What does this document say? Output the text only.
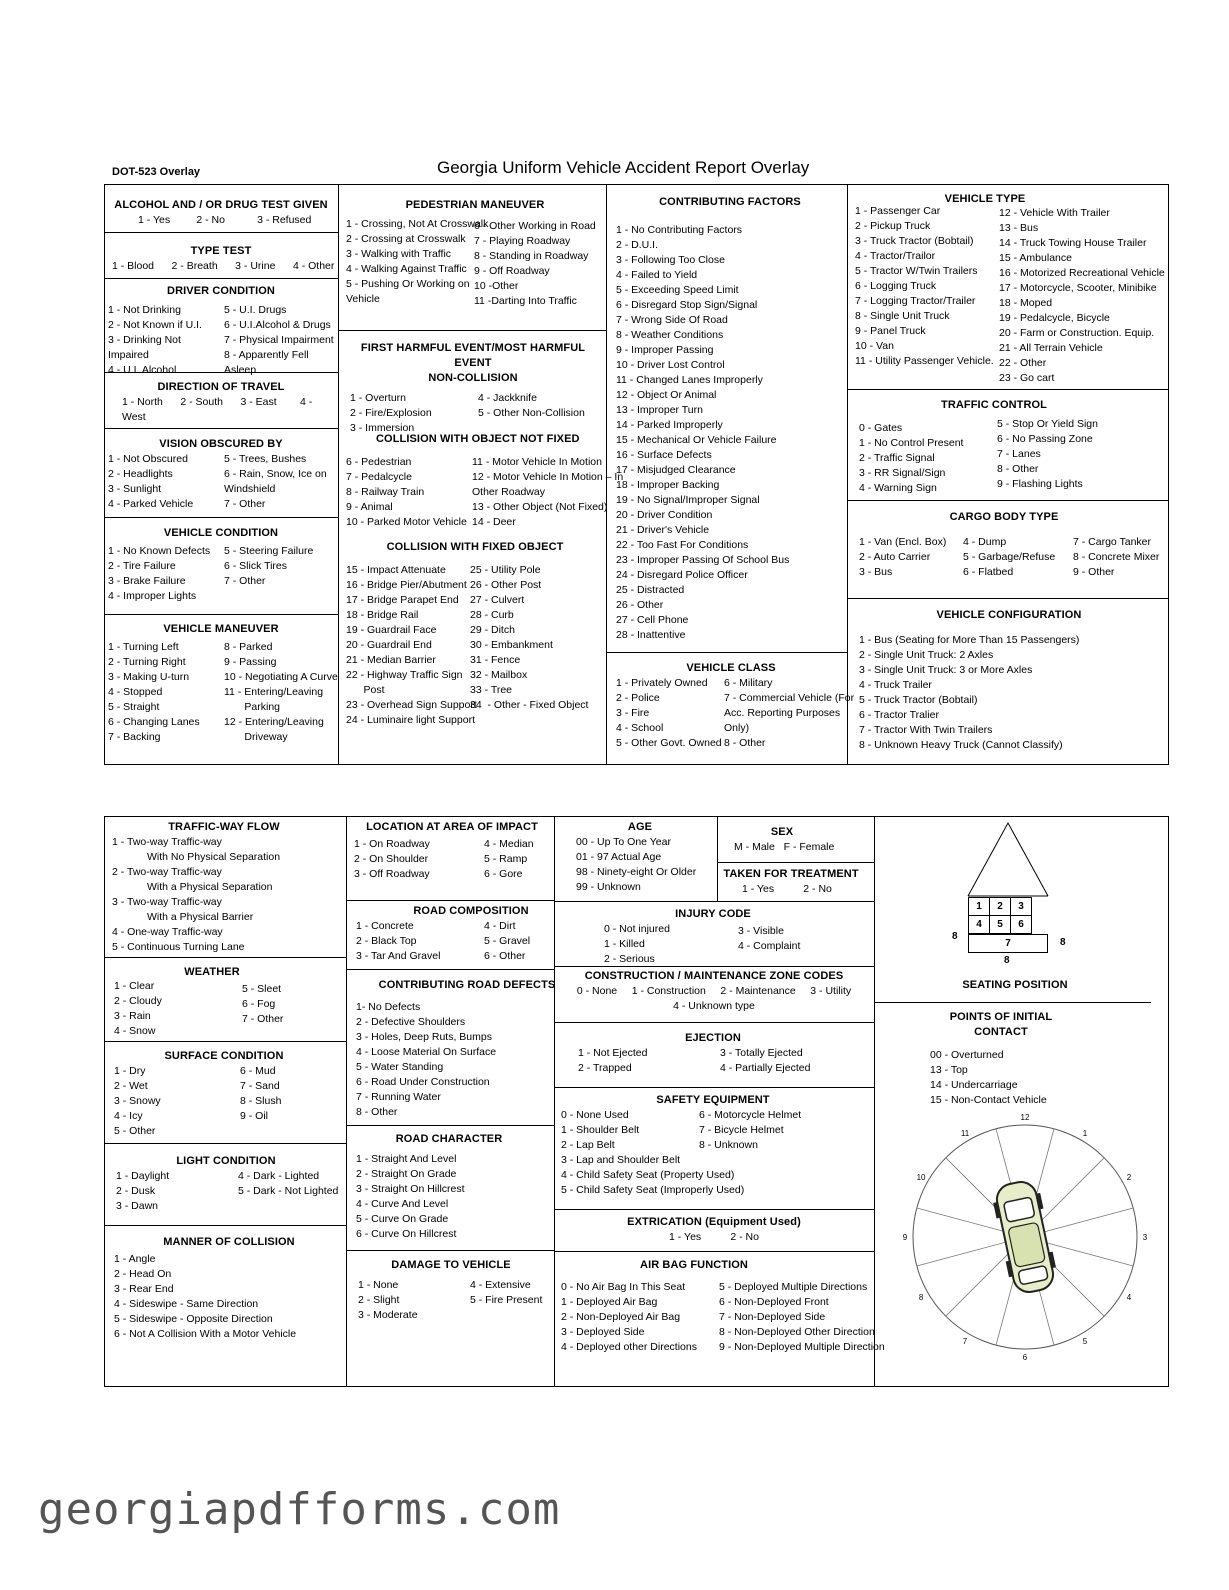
DOT-523 Overlay	Georgia Uniform Vehicle Accident Report Overlay
ALCOHOL AND / OR DRUG TEST GIVEN
1 - Yes	2 - No	3 - Refused
TYPE TEST
1 - Blood 2 - Breath 3 - Urine 4 - Other
DRIVER CONDITION
1 - Not Drinking
2 - Not Known if U.I.
3 - Drinking Not Impaired
4 - U.I. Alcohol
5 - U.I. Drugs
6 - U.I.Alcohol & Drugs
7 - Physical Impairment
8 - Apparently Fell Asleep
DIRECTION OF TRAVEL
1 - North      2 - South      3 - East        4 -
West
VISION OBSCURED BY
1 - Not Obscured
2 - Headlights
3 - Sunlight
4 - Parked Vehicle
5 - Trees, Bushes
6 - Rain, Snow, Ice on
Windshield
7 - Other
VEHICLE CONDITION
1 - No Known Defects
2 - Tire Failure
3 - Brake Failure
4 - Improper Lights
5 - Steering Failure
6 - Slick Tires
7 - Other
VEHICLE MANEUVER
1 - Turning Left
2 - Turning Right
3 - Making U-turn
4 - Stopped
5 - Straight
6 - Changing Lanes
7 - Backing
8 - Parked
9 - Passing
10 - Negotiating A Curve
11 - Entering/Leaving
Parking
12 - Entering/Leaving
Driveway
PEDESTRIAN MANEUVER
1 - Crossing, Not At Crosswalk
2 - Crossing at Crosswalk
3 - Walking with Traffic
4 - Walking Against Traffic
5 - Pushing Or Working on
Vehicle
6 - Other Working in Road
7 - Playing Roadway
8 - Standing in Roadway
9 - Off Roadway
10 -Other
11 -Darting Into Traffic
FIRST HARMFUL EVENT/MOST HARMFUL EVENT
NON-COLLISION
1 - Overturn
2 - Fire/Explosion
3 - Immersion
4 - Jackknife
5 - Other Non-Collision
COLLISION WITH OBJECT NOT FIXED
6 - Pedestrian
7 - Pedalcycle
8 - Railway Train
9 - Animal
10 - Parked Motor Vehicle
11 - Motor Vehicle In Motion
12 - Motor Vehicle In Motion – In
Other Roadway
13 - Other Object (Not Fixed)
14 - Deer
COLLISION WITH FIXED OBJECT
15 - Impact Attenuate
16 - Bridge Pier/Abutment
17 - Bridge Parapet End
18 - Bridge Rail
19 - Guardrail Face
20 - Guardrail End
21 - Median Barrier
22 - Highway Traffic Sign
Post
23 - Overhead Sign Support
24 - Luminaire light Support
25 - Utility Pole
26 - Other Post
27 - Culvert
28 - Curb
29 - Ditch
30 - Embankment
31 - Fence
32 - Mailbox
33 - Tree
34  - Other - Fixed Object
CONTRIBUTING FACTORS
1 - No Contributing Factors
2 - D.U.I.
3 - Following Too Close
4 - Failed to Yield
5 - Exceeding Speed Limit
6 - Disregard Stop Sign/Signal
7 - Wrong Side Of Road
8 - Weather Conditions
9 - Improper Passing
10 - Driver Lost Control
11 - Changed Lanes Improperly
12 - Object Or Animal
13 - Improper Turn
14 - Parked Improperly
15 - Mechanical Or Vehicle Failure
16 - Surface Defects
17 - Misjudged Clearance
18 - Improper Backing
19 - No Signal/Improper Signal
20 - Driver Condition
21 - Driver's Vehicle
22 - Too Fast For Conditions
23 - Improper Passing Of School Bus
24 - Disregard Police Officer
25 - Distracted
26 - Other
27 - Cell Phone
28 - Inattentive
VEHICLE CLASS
1 - Privately Owned
2 - Police
3 - Fire
4 - School
5 - Other Govt. Owned
6 - Military
7 - Commercial Vehicle (For
Acc. Reporting Purposes
Only)
8 - Other
VEHICLE TYPE
1 - Passenger Car
2 - Pickup Truck
3 - Truck Tractor (Bobtail)
4 - Tractor/Trailor
5 - Tractor W/Twin Trailers
6 - Logging Truck
7 - Logging Tractor/Trailer
8 - Single Unit Truck
9 - Panel Truck
10 - Van
11 - Utility Passenger Vehicle.
12 - Vehicle With Trailer
13 - Bus
14 - Truck Towing House Trailer
15 - Ambulance
16 - Motorized Recreational Vehicle
17 - Motorcycle, Scooter, Minibike
18 - Moped
19 - Pedalcycle, Bicycle
20 - Farm or Construction. Equip.
21 - All Terrain Vehicle
22 - Other
23 - Go cart
TRAFFIC CONTROL
0 - Gates
1 - No Control Present
2 - Traffic Signal
3 - RR Signal/Sign
4 - Warning Sign
5 - Stop Or Yield Sign
6 - No Passing Zone
7 - Lanes
8 - Other
9 - Flashing Lights
CARGO BODY TYPE
1 - Van (Encl. Box)
2 - Auto Carrier
3 - Bus
4 - Dump
5 - Garbage/Refuse
6 - Flatbed
7 - Cargo Tanker
8 - Concrete Mixer
9 - Other
VEHICLE CONFIGURATION
1 - Bus (Seating for More Than 15 Passengers)
2 - Single Unit Truck: 2 Axles
3 - Single Unit Truck: 3 or More Axles
4 - Truck Trailer
5 - Truck Tractor (Bobtail)
6 - Tractor Tralier
7 - Tractor With Twin Trailers
8 - Unknown Heavy Truck (Cannot Classify)
TRAFFIC-WAY FLOW
1 - Two-way Traffic-way
With No Physical Separation
2 - Two-way Traffic-way
With a Physical Separation
3 - Two-way Traffic-way
With a Physical Barrier
4 - One-way Traffic-way
5 - Continuous Turning Lane
WEATHER
1 - Clear
2 - Cloudy
3 - Rain
4 - Snow
5 - Sleet
6 - Fog
7 - Other
SURFACE CONDITION
1 - Dry
2 - Wet
3 - Snowy
4 - Icy
5 - Other
6 - Mud
7 - Sand
8 - Slush
9 - Oil
LIGHT CONDITION
1 - Daylight
2 - Dusk
3 - Dawn
4 - Dark - Lighted
5 - Dark - Not Lighted
MANNER OF COLLISION
1 - Angle
2 - Head On
3 - Rear End
4 - Sideswipe - Same Direction
5 - Sideswipe - Opposite Direction
6 - Not A Collision With a Motor Vehicle
LOCATION AT AREA OF IMPACT
1 - On Roadway
2 - On Shoulder
3 - Off Roadway
4 - Median
5 - Ramp
6 - Gore
ROAD COMPOSITION
1 - Concrete
2 - Black Top
3 - Tar And Gravel
4 - Dirt
5 - Gravel
6 - Other
CONTRIBUTING ROAD DEFECTS
1- No Defects
2 - Defective Shoulders
3 - Holes, Deep Ruts, Bumps
4 - Loose Material On Surface
5 - Water Standing
6 - Road Under Construction
7 - Running Water
8 - Other
ROAD CHARACTER
1 - Straight And Level
2 - Straight On Grade
3 - Straight On Hillcrest
4 - Curve And Level
5 - Curve On Grade
6 - Curve On Hillcrest
DAMAGE TO VEHICLE
1 - None
2 - Slight
3 - Moderate
4 - Extensive
5 - Fire Present
AGE
00 - Up To One Year
01 - 97 Actual Age
98 - Ninety-eight Or Older
99 - Unknown
SEX
M - Male   F - Female
TAKEN FOR TREATMENT
1 - Yes          2 - No
INJURY CODE
0 - Not injured
1 - Killed
2 - Serious
3 - Visible
4 - Complaint
CONSTRUCTION / MAINTENANCE ZONE CODES
0 - None     1 - Construction     2 - Maintenance     3 - Utility
4 - Unknown type
EJECTION
1 - Not Ejected
2 - Trapped
3 - Totally Ejected
4 - Partially Ejected
SAFETY EQUIPMENT
0 - None Used
1 - Shoulder Belt
2 - Lap Belt
6 - Motorcycle Helmet
7 - Bicycle Helmet
8 - Unknown
3 - Lap and Shoulder Belt
4 - Child Safety Seat (Property Used)
5 - Child Safety Seat (Improperly Used)
EXTRICATION (Equipment Used)
1 - Yes          2 - No
AIR BAG FUNCTION
0 - No Air Bag In This Seat
1 - Deployed Air Bag
2 - Non-Deployed Air Bag
3 - Deployed Side
4 - Deployed other Directions
5 - Deployed Multiple Directions
6 - Non-Deployed Front
7 - Non-Deployed Side
8 - Non-Deployed Other Direction
9 - Non-Deployed Multiple Direction
1	2	3
4	5	6
7
8
8
8
SEATING POSITION
POINTS OF INITIAL CONTACT
00 - Overturned
13 - Top
14 - Undercarriage
15 - Non-Contact Vehicle
12
1
2
3
4
5
6
7
8
9
10
11
georgiapdfforms.com
